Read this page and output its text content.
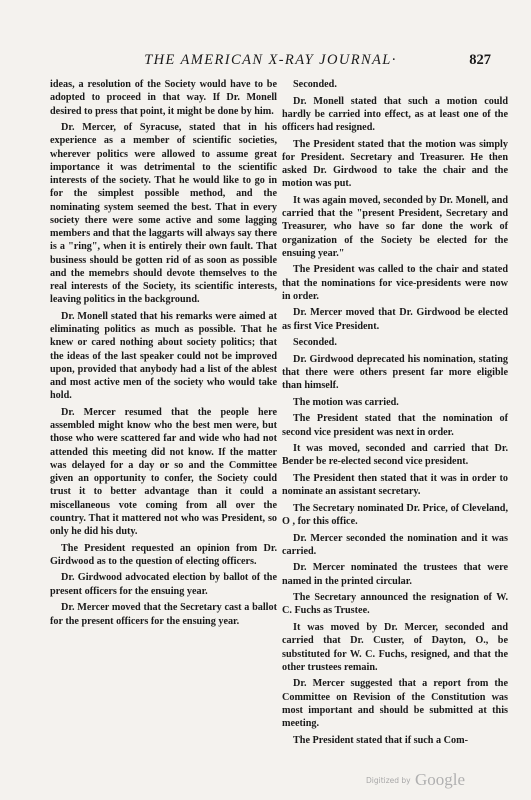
THE AMERICAN X-RAY JOURNAL·	827

ideas, a resolution of the Society would have to be adopted to proceed in that way. If Dr. Monell desired to press that point, it might be done by him.

Dr. Mercer, of Syracuse, stated that in his experience as a member of scientific societies, wherever politics were allowed to assume great importance it was detrimental to the scientific interests of the society. That he would like to go in for the simplest possible method, and the nominating system seemed the best. That in every society there were some active and some lagging members and that the laggarts will always say there is a "ring", when it is entirely their own fault. That business should be gotten rid of as soon as possible and the memebrs should devote themselves to the real interests of the Society, its scientific interests, leaving politics in the background.

Dr. Monell stated that his remarks were aimed at eliminating politics as much as possible. That he knew or cared nothing about society politics; that the ideas of the last speaker could not be improved upon, provided that anybody had a list of the ablest and most active men of the society who would take hold.

Dr. Mercer resumed that the people here assembled might know who the best men were, but those who were scattered far and wide who had not attended this meeting did not know. If the matter was delayed for a day or so and the Committee given an opportunity to confer, the Society could trust it to better advantage than it could a miscellaneous vote coming from all over the country. That it mattered not who was President, so only he did his duty.

The President requested an opinion from Dr. Girdwood as to the question of electing officers.

Dr. Girdwood advocated election by ballot of the present officers for the ensuing year.

Dr. Mercer moved that the Secretary cast a ballot for the present officers for the ensuing year.

Seconded.

Dr. Monell stated that such a motion could hardly be carried into effect, as at least one of the officers had resigned.

The President stated that the motion was simply for President. Secretary and Treasurer. He then asked Dr. Girdwood to take the chair and the motion was put.

It was again moved, seconded by Dr. Monell, and carried that the "present President, Secretary and Treasurer, who have so far done the work of organization of the Society be elected for the ensuing year."

The President was called to the chair and stated that the nominations for vice-presidents were now in order.

Dr. Mercer moved that Dr. Girdwood be elected as first Vice President.

Seconded.

Dr. Girdwood deprecated his nomination, stating that there were others present far more eligible than himself.

The motion was carried.

The President stated that the nomination of second vice president was next in order.

It was moved, seconded and carried that Dr. Bender be re-elected second vice president.

The President then stated that it was in order to nominate an assistant secretary.

The Secretary nominated Dr. Price, of Cleveland, O , for this office.

Dr. Mercer seconded the nomination and it was carried.

Dr. Mercer nominated the trustees that were named in the printed circular.

The Secretary announced the resignation of W. C. Fuchs as Trustee.

It was moved by Dr. Mercer, seconded and carried that Dr. Custer, of Dayton, O., be substituted for W. C. Fuchs, resigned, and that the other trustees remain.

Dr. Mercer suggested that a report from the Committee on Revision of the Constitution was most important and should be submitted at this meeting.

The President stated that if such a Com-

Digitized by Google
